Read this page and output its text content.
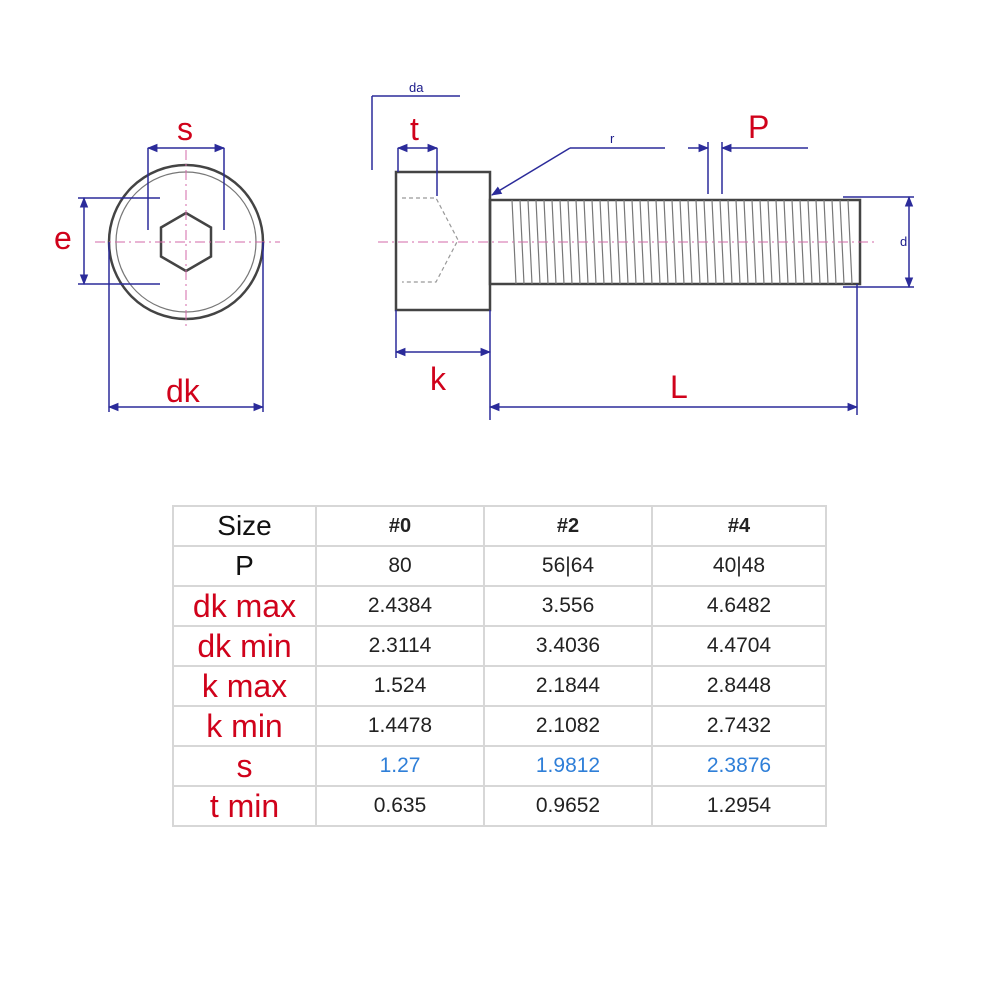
s
e
dk
t
da
r	P
d
k	L
Size	#0	#2	#4
P	80	56|64	40|48
dk max	2.4384	3.556	4.6482
dk min	2.3114	3.4036	4.4704
k max	1.524	2.1844	2.8448
k min	1.4478	2.1082	2.7432
s	1.27	1.9812	2.3876
t min	0.635	0.9652	1.2954
